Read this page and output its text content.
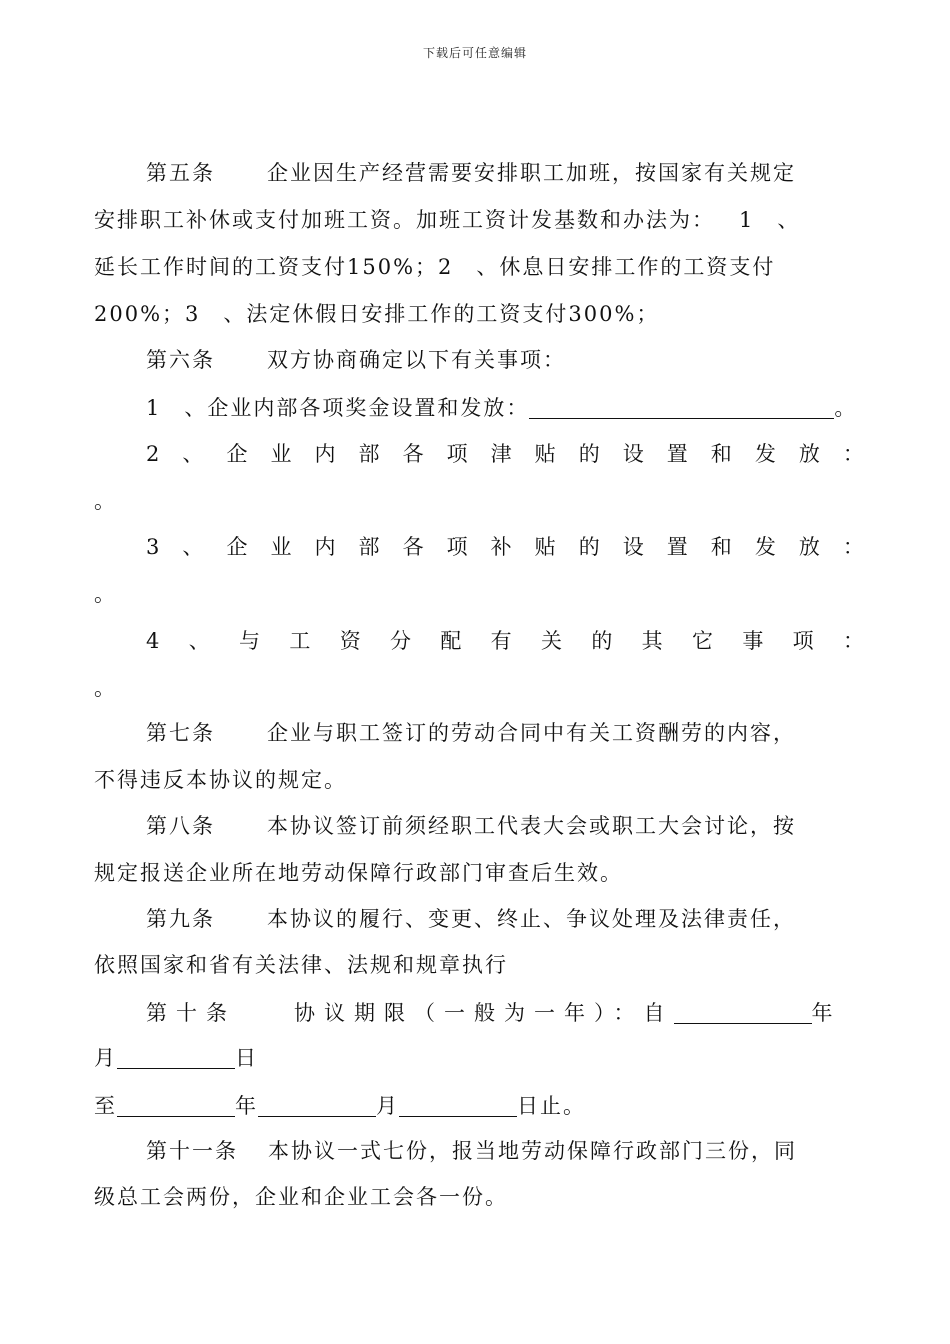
下载后可任意编辑
第五条 企业因生产经营需要安排职工加班，按国家有关规定
安排职工补休或支付加班工资。加班工资计发基数和办法为： 1　、
延长工作时间的工资支付150%；2　、休息日安排工作的工资支付
200%；3　、法定休假日安排工作的工资支付300%；
第六条 双方协商确定以下有关事项：
1　、企业内部各项奖金设置和发放：	。
2 、 企 业 内 部 各 项 津 贴 的 设 置 和 发 放 ：
。
3 、 企 业 内 部 各 项 补 贴 的 设 置 和 发 放 ：
。
4 、 与 工 资 分 配 有 关 的 其 它 事 项 ：
。
第七条 企业与职工签订的劳动合同中有关工资酬劳的内容，
不得违反本协议的规定。
第八条 本协议签订前须经职工代表大会或职工大会讨论，按
规定报送企业所在地劳动保障行政部门审查后生效。
第九条 本协议的履行、变更、终止、争议处理及法律责任，
依照国家和省有关法律、法规和规章执行
第十条	协议期限（一般为一年）：自	年
月	日
至	年	月	日止。
第十一条 本协议一式七份，报当地劳动保障行政部门三份，同
级总工会两份，企业和企业工会各一份。
